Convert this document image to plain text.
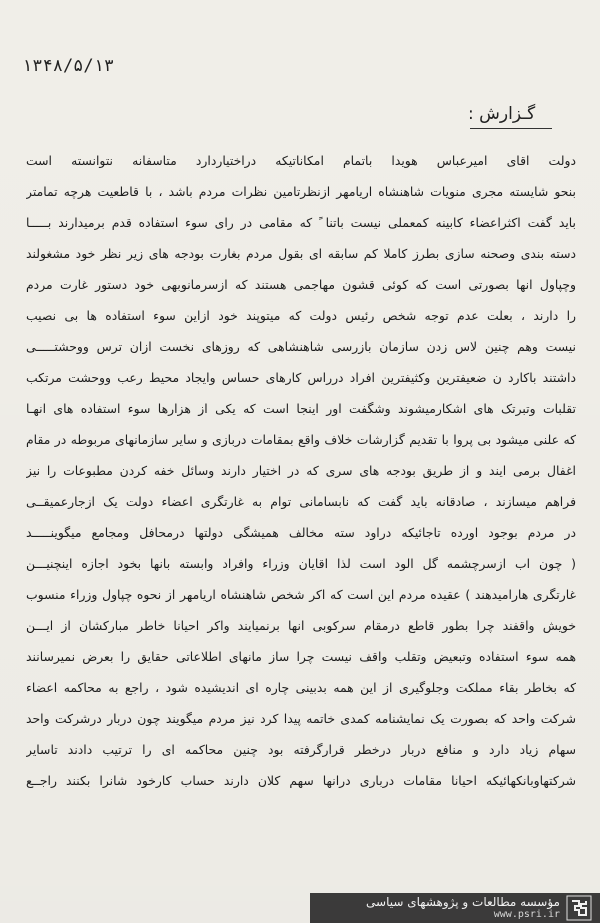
۱۳۴۸/۵/۱۳
گـزارش :
دولت اقای امیرعباس هویدا باتمام امکاناتیکه دراختیاردارد متاسفانه نتوانسته است
بنحو شایسته مجری منویات شاهنشاه اریامهر ازنظرتامین نظرات مردم باشد ، با قاطعیت هرچه تمامتر
باید گفت اکثراعضاء کابینه کمعملی نیست باتنا ً که مقامی در رای سوء استفاده قدم برمیدارند بـــــا
دسته بندی وصحنه سازی بطرز کاملا کم سابقه ای بقول مردم بغارت بودجه های زیر نظر خود مشغولند
وچپاول انها بصورتی است که کوئی قشون مهاجمی هستند که ازسرمانوبهی خود دستور غارت مردم
را دارند ، بعلت عدم توجه شخص رئیس دولت که میتوپند خود ازاین سوء استفاده ها بی نصیب
نیست وهم چنین لاس زدن سازمان بازرسی شاهنشاهی که روزهای نخست ازان ترس ووحشتـــــی
داشتند باکارد ن ضعیفترین وکثیفترین افراد درراس کارهای حساس وایجاد محیط رعب ووحشت مرتکب
تقلبات وتبرتک های اشکارمیشوند وشگفت اور اینجا است که یکی از هزارها سوء استفاده های انهـا
که علنی میشود بی پروا با تقدیم گزارشات خلاف واقع بمقامات دربازی و سایر سازمانهای مربوطه در مقام
اغفال برمی ایند و از طریق بودجه های سری که در اختیار دارند وسائل خفه کردن مطبوعات را نیز
فراهم میسازند ، صادقانه باید گفت که نابسامانی توام به غارتگری اعضاء دولت یک ازجارعمیقــی
در مردم بوجود اورده تاجائیکه دراود سته مخالف همیشگی دولتها درمحافل ومجامع میگوینـــــد
( چون اب ازسرچشمه گل الود است لذا اقایان وزراء وافراد وابسته بانها بخود اجازه اینچنیـــن
غارتگری هارامیدهند ) عقیده مردم این است که اکر شخص شاهنشاه اریامهر از نحوه چپاول وزراء منسوب
خویش واقفند چرا بطور قاطع درمقام سرکوبی انها برنمیایند واکر احیانا خاطر مبارکشان از ایـــن
همه سوء استفاده وتبعیض وتقلب واقف نیست چرا ساز مانهای اطلاعاتی حقایق را بعرض نمیرسانند
که بخاطر بقاء مملکت وجلوگیری از این همه بدبینی چاره ای اندیشیده شود ، راجع به محاکمه اعضاء
شرکت واحد که بصورت یک نمایشنامه کمدی خاتمه پیدا کرد نیز مردم میگویند چون دربار درشرکت واحد
سهام زیاد دارد و منافع دربار درخطر قرارگرفته بود چنین محاکمه ای را ترتیب دادند تاسایر
شرکتهاوبانکهائیکه احیانا مقامات درباری درانها سهم کلان دارند حساب کارخود شانرا بکنند راجــع
مؤسسه مطالعات و پژوهشهای سیاسی
www.psri.ir
